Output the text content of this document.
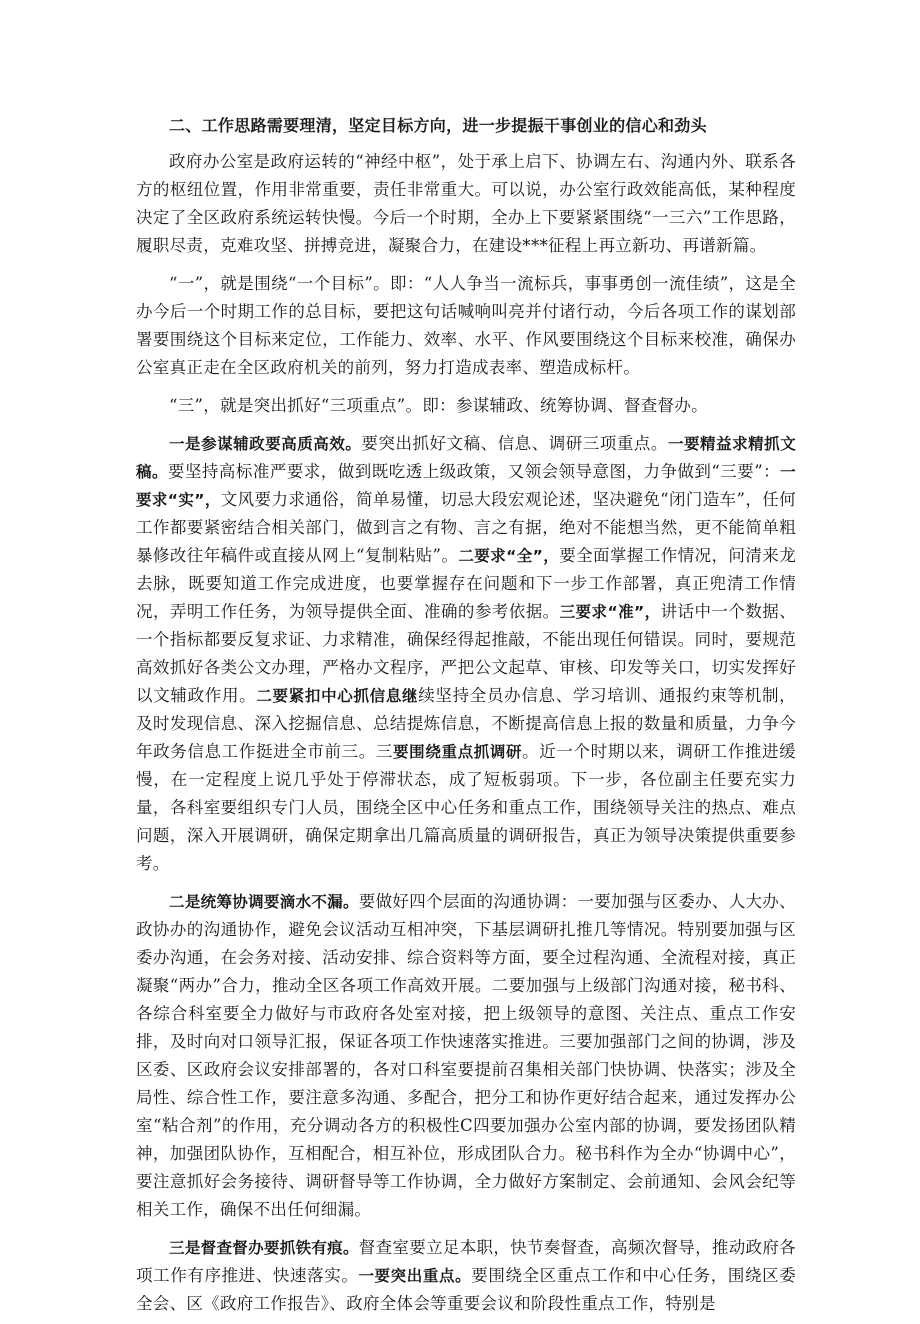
二、工作思路需要理清，坚定目标方向，进一步提振干事创业的信心和劲头

政府办公室是政府运转的“神经中枢”，处于承上启下、协调左右、沟通内外、联系各方的枢纽位置，作用非常重要，责任非常重大。可以说，办公室行政效能高低，某种程度决定了全区政府系统运转快慢。今后一个时期，全办上下要紧紧围绕“一三六”工作思路，履职尽责，克难攻坚、拼搏竞进，凝聚合力，在建设***征程上再立新功、再谱新篇。

“一”，就是围绕“一个目标”。即：“人人争当一流标兵，事事勇创一流佳绩”，这是全办今后一个时期工作的总目标，要把这句话喊响叫亮并付诸行动，今后各项工作的谋划部署要围绕这个目标来定位，工作能力、效率、水平、作风要围绕这个目标来校准，确保办公室真正走在全区政府机关的前列，努力打造成表率、塑造成标杆。

“三”，就是突出抓好“三项重点”。即：参谋辅政、统筹协调、督查督办。

一是参谋辅政要高质高效。要突出抓好文稿、信息、调研三项重点。一要精益求精抓文稿。要坚持高标准严要求，做到既吃透上级政策，又领会领导意图，力争做到“三要”：一要求“实”，文风要力求通俗，简单易懂，切忌大段宏观论述，坚决避免“闭门造车”，任何工作都要紧密结合相关部门，做到言之有物、言之有据，绝对不能想当然，更不能简单粗暴修改往年稿件或直接从网上“复制粘贴”。二要求“全”，要全面掌握工作情况，问清来龙去脉，既要知道工作完成进度，也要掌握存在问题和下一步工作部署，真正兜清工作情况，弄明工作任务，为领导提供全面、准确的参考依据。三要求“准”，讲话中一个数据、一个指标都要反复求证、力求精准，确保经得起推敲，不能出现任何错误。同时，要规范高效抓好各类公文办理，严格办文程序，严把公文起草、审核、印发等关口，切实发挥好以文辅政作用。二要紧扣中心抓信息继续坚持全员办信息、学习培训、通报约束等机制，及时发现信息、深入挖掘信息、总结提炼信息，不断提高信息上报的数量和质量，力争今年政务信息工作挺进全市前三。三要围绕重点抓调研。近一个时期以来，调研工作推进缓慢，在一定程度上说几乎处于停滞状态，成了短板弱项。下一步，各位副主任要充实力量，各科室要组织专门人员，围绕全区中心任务和重点工作，围绕领导关注的热点、难点问题，深入开展调研，确保定期拿出几篇高质量的调研报告，真正为领导决策提供重要参考。

二是统筹协调要滴水不漏。要做好四个层面的沟通协调：一要加强与区委办、人大办、政协办的沟通协作，避免会议活动互相冲突，下基层调研扎推几等情况。特别要加强与区委办沟通，在会务对接、活动安排、综合资料等方面，要全过程沟通、全流程对接，真正凝聚“两办”合力，推动全区各项工作高效开展。二要加强与上级部门沟通对接，秘书科、各综合科室要全力做好与市政府各处室对接，把上级领导的意图、关注点、重点工作安排，及时向对口领导汇报，保证各项工作快速落实推进。三要加强部门之间的协调，涉及区委、区政府会议安排部署的，各对口科室要提前召集相关部门快协调、快落实；涉及全局性、综合性工作，要注意多沟通、多配合，把分工和协作更好结合起来，通过发挥办公室“粘合剂”的作用，充分调动各方的积极性C四要加强办公室内部的协调，要发扬团队精神，加强团队协作，互相配合，相互补位，形成团队合力。秘书科作为全办“协调中心”，要注意抓好会务接待、调研督导等工作协调，全力做好方案制定、会前通知、会风会纪等相关工作，确保不出任何细漏。

三是督查督办要抓铁有痕。督查室要立足本职，快节奏督查，高频次督导，推动政府各项工作有序推进、快速落实。一要突出重点。要围绕全区重点工作和中心任务，围绕区委全会、区《政府工作报告》、政府全体会等重要会议和阶段性重点工作，特别是
